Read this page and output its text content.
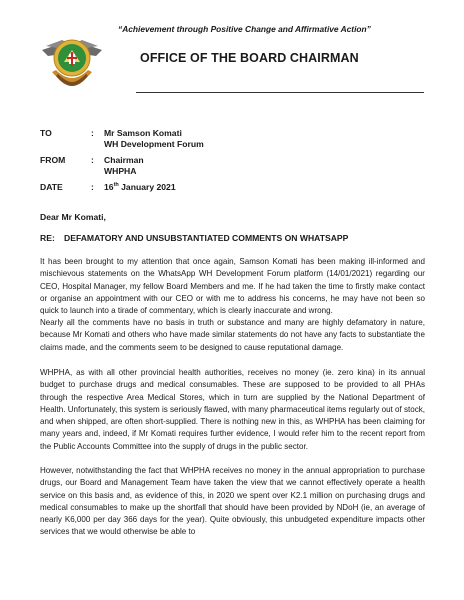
“Achievement through Positive Change and Affirmative Action”
OFFICE OF THE BOARD CHAIRMAN
TO	: Mr Samson Komati
WH Development Forum
FROM	: Chairman
WHPHA
DATE	: 16th January 2021
Dear Mr Komati,
RE: DEFAMATORY AND UNSUBSTANTIATED COMMENTS ON WHATSAPP

It has been brought to my attention that once again, Samson Komati has been making ill-informed and mischievous statements on the WhatsApp WH Development Forum platform (14/01/2021) regarding our CEO, Hospital Manager, my fellow Board Members and me. If he had taken the time to firstly make contact or organise an appointment with our CEO or with me to address his concerns, he may have not been so quick to launch into a tirade of commentary, which is clearly inaccurate and wrong.

Nearly all the comments have no basis in truth or substance and many are highly defamatory in nature, because Mr Komati and others who have made similar statements do not have any facts to substantiate the claims made, and the comments seem to be designed to cause reputational damage.

WHPHA, as with all other provincial health authorities, receives no money (ie. zero kina) in its annual budget to purchase drugs and medical consumables. These are supposed to be provided to all PHAs through the respective Area Medical Stores, which in turn are supplied by the National Department of Health. Unfortunately, this system is seriously flawed, with many pharmaceutical items regularly out of stock, and when shipped, are often short-supplied. There is nothing new in this, as WHPHA has been claiming for many years and, indeed, if Mr Komati requires further evidence, I would refer him to the recent report from the Public Accounts Committee into the supply of drugs in the public sector.

However, notwithstanding the fact that WHPHA receives no money in the annual appropriation to purchase drugs, our Board and Management Team have taken the view that we cannot effectively operate a health service on this basis and, as evidence of this, in 2020 we spent over K2.1 million on purchasing drugs and medical consumables to make up the shortfall that should have been provided by NDoH (ie, an average of nearly K6,000 per day 366 days for the year). Quite obviously, this unbudgeted expenditure impacts other services that we would otherwise be able to
